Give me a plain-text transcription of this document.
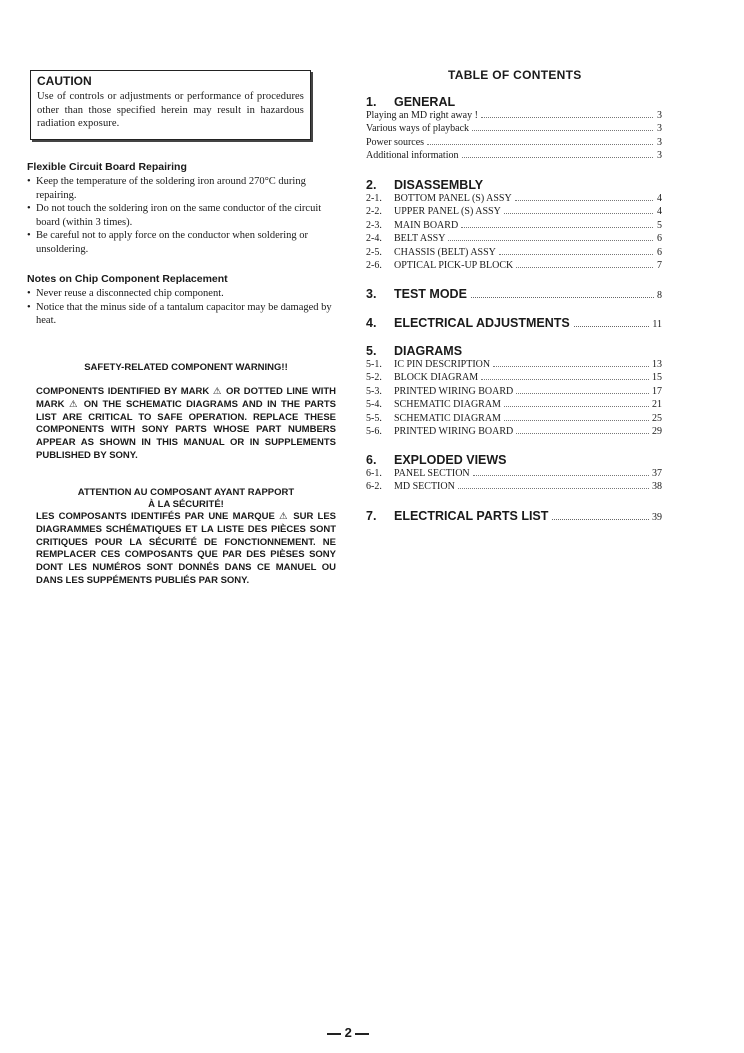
CAUTION
Use of controls or adjustments or performance of procedures other than those specified herein may result in hazardous radiation exposure.
Flexible Circuit Board Repairing
• Keep the temperature of the soldering iron around 270°C during repairing.
• Do not touch the soldering iron on the same conductor of the circuit board (within 3 times).
• Be careful not to apply force on the conductor when soldering or unsoldering.
Notes on Chip Component Replacement
• Never reuse a disconnected chip component.
• Notice that the minus side of a tantalum capacitor may be damaged by heat.
SAFETY-RELATED COMPONENT WARNING!!
COMPONENTS IDENTIFIED BY MARK ⚠ OR DOTTED LINE WITH MARK ⚠ ON THE SCHEMATIC DIAGRAMS AND IN THE PARTS LIST ARE CRITICAL TO SAFE OPERATION. REPLACE THESE COMPONENTS WITH SONY PARTS WHOSE PART NUMBERS APPEAR AS SHOWN IN THIS MANUAL OR IN SUPPLEMENTS PUBLISHED BY SONY.
ATTENTION AU COMPOSANT AYANT RAPPORT
À LA SÉCURITÉ!
LES COMPOSANTS IDENTIFÉS PAR UNE MARQUE ⚠ SUR LES DIAGRAMMES SCHÉMATIQUES ET LA LISTE DES PIÈCES SONT CRITIQUES POUR LA SÉCURITÉ DE FONCTIONNEMENT. NE REMPLACER CES COMPOSANTS QUE PAR DES PIÈSES SONY DONT LES NUMÉROS SONT DONNÉS DANS CE MANUEL OU DANS LES SUPPÉMENTS PUBLIÉS PAR SONY.
TABLE OF CONTENTS
1.	GENERAL
Playing an MD right away !	3
Various ways of playback	3
Power sources	3
Additional information	3
2.	DISASSEMBLY
2-1.	BOTTOM PANEL (S) ASSY	4
2-2.	UPPER PANEL (S) ASSY	4
2-3.	MAIN BOARD	5
2-4.	BELT ASSY	6
2-5.	CHASSIS (BELT) ASSY	6
2-6.	OPTICAL PICK-UP BLOCK	7
3.	TEST MODE	8
4.	ELECTRICAL ADJUSTMENTS	11
5.	DIAGRAMS
5-1.	IC PIN DESCRIPTION	13
5-2.	BLOCK DIAGRAM	15
5-3.	PRINTED WIRING BOARD	17
5-4.	SCHEMATIC DIAGRAM	21
5-5.	SCHEMATIC DIAGRAM	25
5-6.	PRINTED WIRING BOARD	29
6.	EXPLODED VIEWS
6-1.	PANEL SECTION	37
6-2.	MD SECTION	38
7.	ELECTRICAL PARTS LIST	39
2
